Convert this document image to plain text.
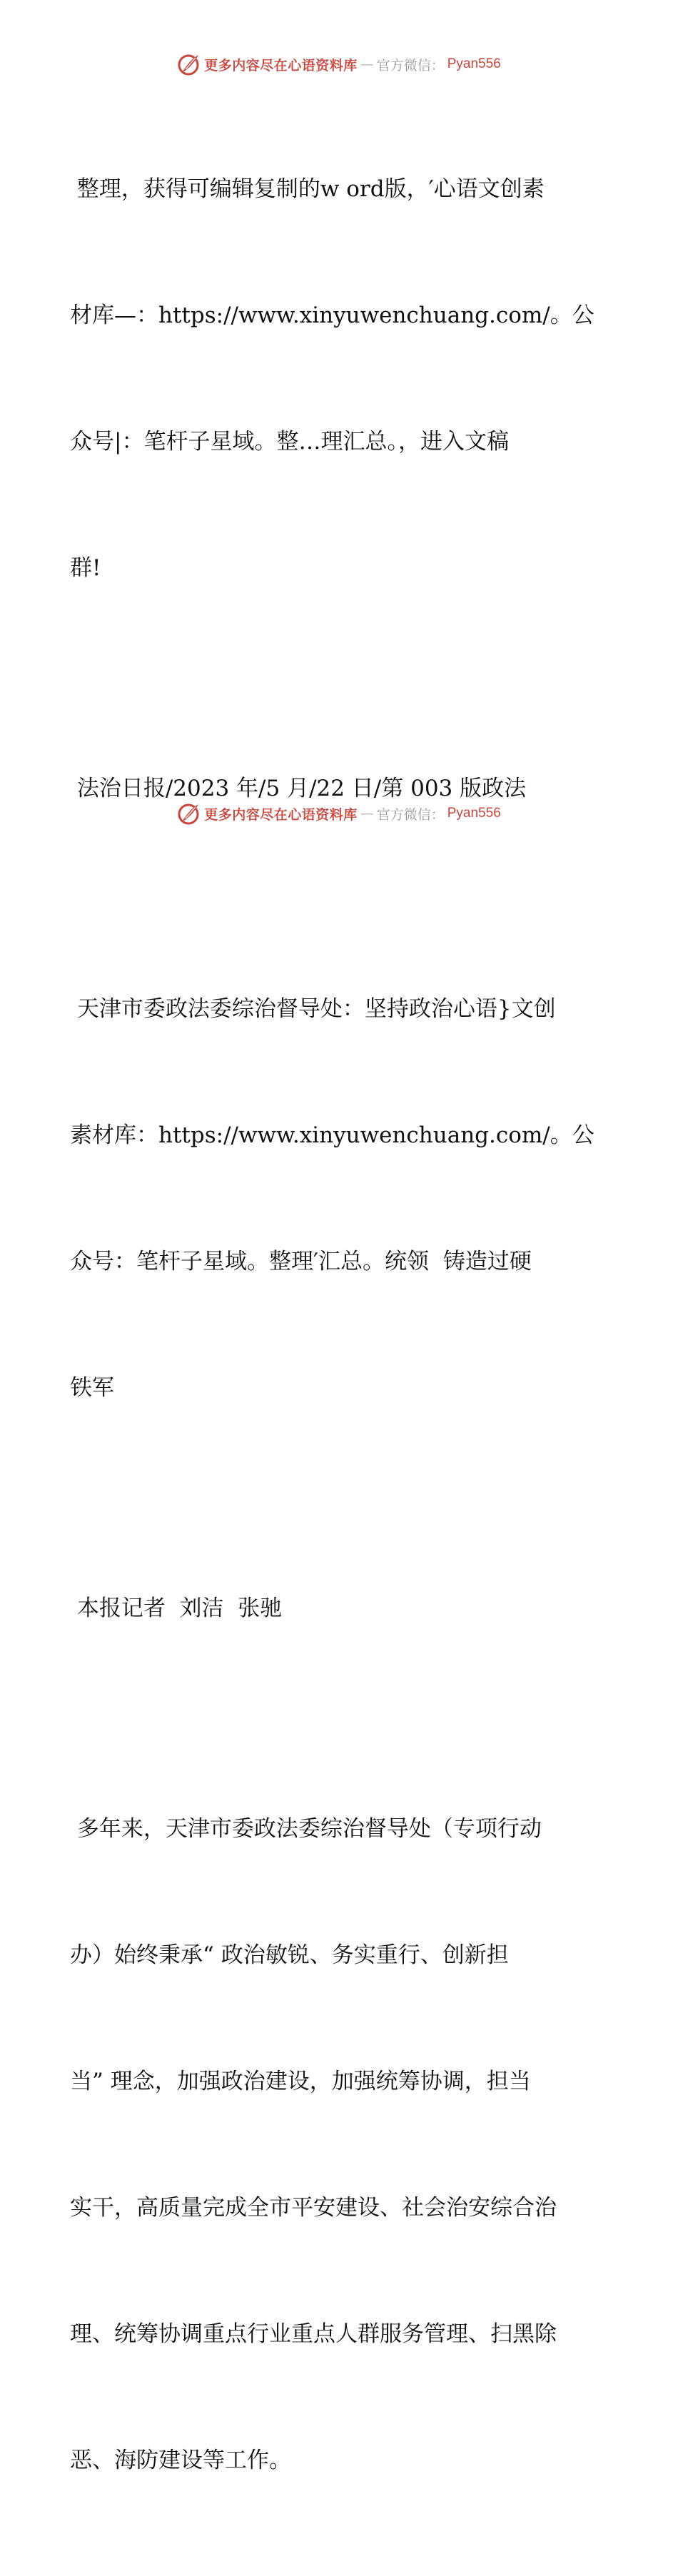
更多内容尽在心语资料库 — 官方微信： Pyan556

整理，获得可编辑复制的w ord版，′心语文创素

材库—：https://www.xinyuwenchuang.com/。公

众号|：笔杆子星域。整…理汇总。，进入文稿

群!

法治日报/2023 年/5 月/22 日/第 003 版政法

天津市委政法委综治督导处：坚持政治心语}文创

素材库：https://www.xinyuwenchuang.com/。公

众号：笔杆子星域。整理′汇总。统领  铸造过硬

铁军

本报记者  刘洁  张驰

多年来，天津市委政法委综治督导处（专项行动

办）始终秉承“ 政治敏锐、务实重行、创新担

当” 理念，加强政治建设，加强统筹协调，担当

实干，高质量完成全市平安建设、社会治安综合治

理、统筹协调重点行业重点人群服务管理、扫黑除

恶、海防建设等工作。

更多内容尽在心语资料库 — 官方微信： Pyan556
